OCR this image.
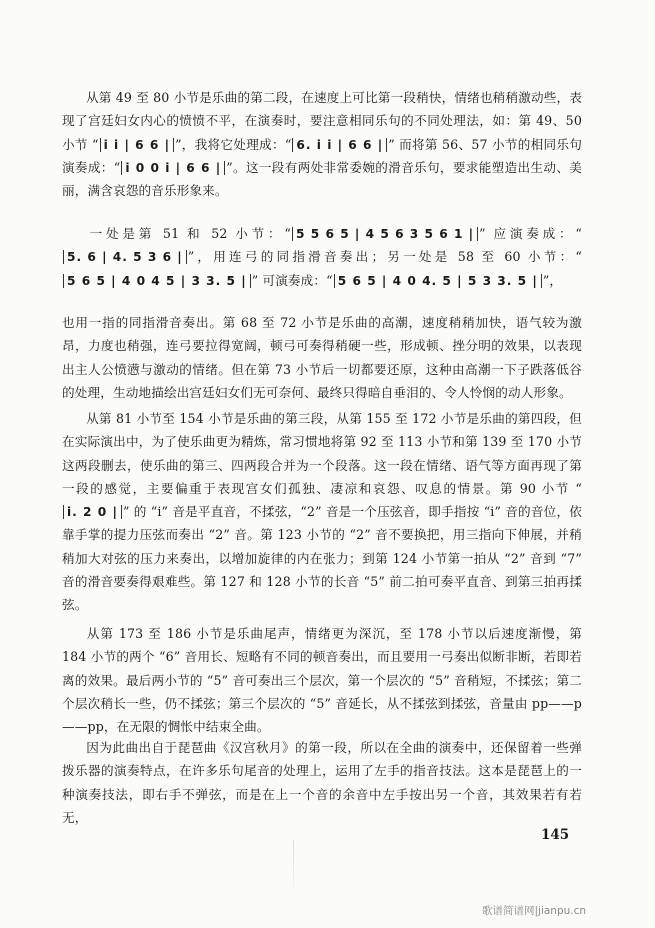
从第 49 至 80 小节是乐曲的第二段，在速度上可比第一段稍快，情绪也稍稍激动些，表现了宫廷妇女内心的愤愤不平，在演奏时，要注意相同乐句的不同处理法，如：第 49、50 小节 “ i i | 6 6 | ”，我将它处理成：“ 6. i i | 6 6 | ” 而将第 56、57 小节的相同乐句演奏成：“ i 0 0 i | 6 6 | ”。这一段有两处非常委婉的滑音乐句，要求能塑造出生动、美丽，满含哀怨的音乐形象来。
一处是第 51 和 52 小节：“ 5 5 6 5 | 4 5 6 3 5 6 1 | ” 应演奏成：“5. 6 | 4. 5 3 6 | ”，用连弓的同指滑音奏出；另一处是 58 至 60 小节：“5 6 5 | 4 0 4 5 | 3 3. 5 | ” 可演奏成：“ 5 6 5 | 4 0 4. 5 | 5 3 3. 5 | ”，
也用一指的同指滑音奏出。第 68 至 72 小节是乐曲的高潮，速度稍稍加快，语气较为激昂，力度也稍强，连弓要拉得宽阔，顿弓可奏得稍硬一些，形成顿、挫分明的效果，以表现出主人公愤懑与激动的情绪。但在第 73 小节后一切都要还原，这种由高潮一下子跌落低谷的处理，生动地描绘出宫廷妇女们无可奈何、最终只得暗自垂泪的、令人怜悯的动人形象。
从第 81 小节至 154 小节是乐曲的第三段，从第 155 至 172 小节是乐曲的第四段，但在实际演出中，为了使乐曲更为精炼，常习惯地将第 92 至 113 小节和第 139 至 170 小节这两段删去，使乐曲的第三、四两段合并为一个段落。这一段在情绪、语气等方面再现了第一段的感觉，主要偏重于表现宫女们孤独、凄凉和哀怨、叹息的情景。第 90 小节 “i. 2 0 | ” 的 “i” 音是平直音，不揉弦，“2” 音是一个压弦音，即手指按 “i” 音的音位，依靠手掌的提力压弦而奏出 “2” 音。第 123 小节的 “2” 音不要换把，用三指向下伸展，并稍稍加大对弦的压力来奏出，以增加旋律的内在张力；到第 124 小节第一拍从 “2” 音到 “7” 音的滑音要奏得艰难些。第 127 和 128 小节的长音 “5” 前二拍可奏平直音、到第三拍再揉弦。
从第 173 至 186 小节是乐曲尾声，情绪更为深沉，至 178 小节以后速度渐慢，第 184 小节的两个 “6” 音用长、短略有不同的顿音奏出，而且要用一弓奏出似断非断，若即若离的效果。最后两小节的 “5” 音可奏出三个层次，第一个层次的 “5” 音稍短，不揉弦；第二个层次稍长一些，仍不揉弦；第三个层次的 “5” 音延长，从不揉弦到揉弦，音量由 pp——p——pp，在无限的惆怅中结束全曲。
因为此曲出自于琵琶曲《汉宫秋月》的第一段，所以在全曲的演奏中，还保留着一些弹拨乐器的演奏特点，在许多乐句尾音的处理上，运用了左手的指音技法。这本是琵琶上的一种演奏技法，即右手不弹弦，而是在上一个音的余音中左手按出另一个音，其效果若有若无，
145
歌谱简谱网|jianpu.cn
